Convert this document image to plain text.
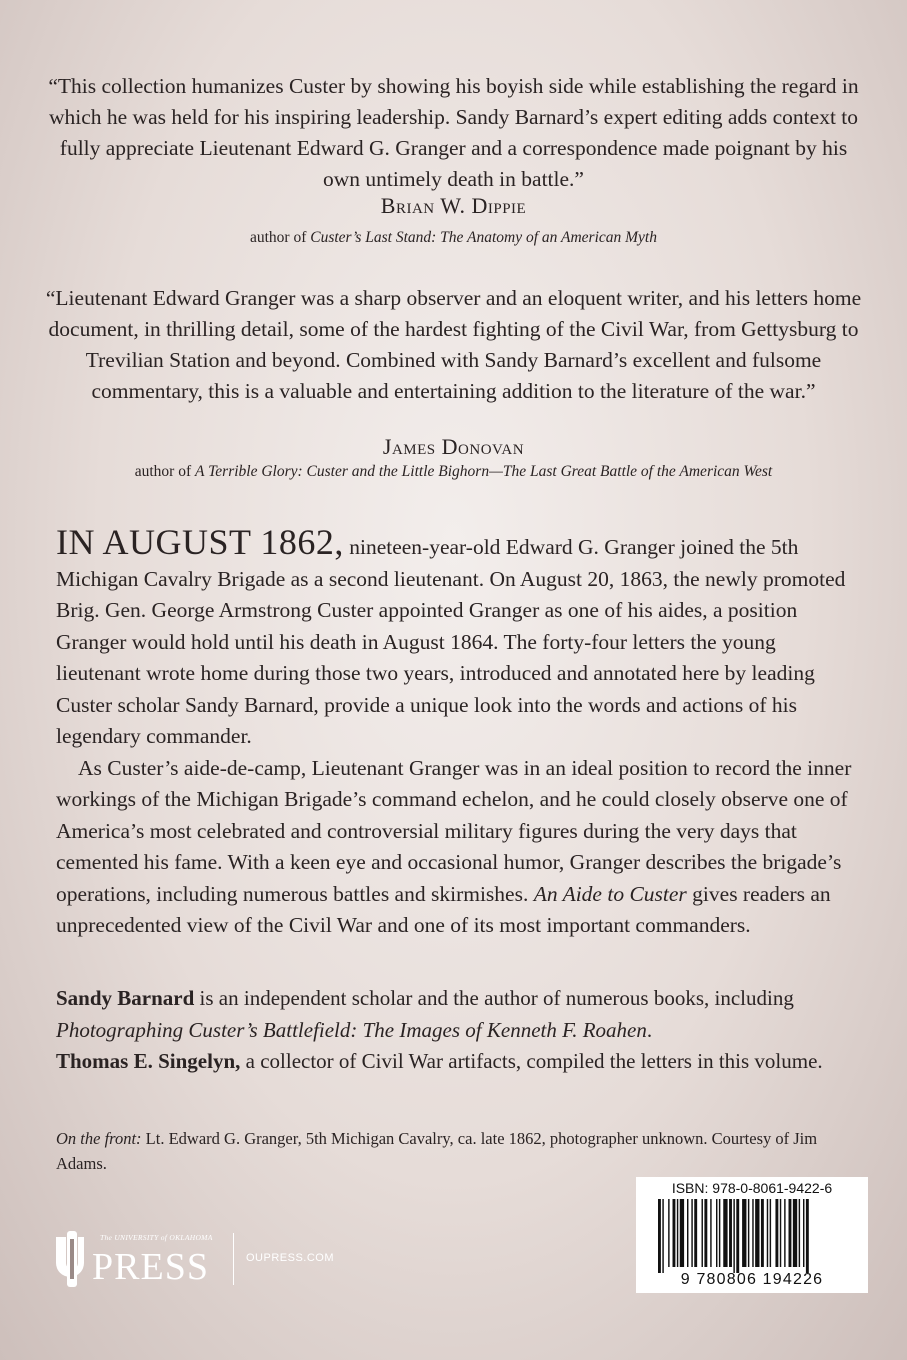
“This collection humanizes Custer by showing his boyish side while establishing the regard in which he was held for his inspiring leadership. Sandy Barnard’s expert editing adds context to fully appreciate Lieutenant Edward G. Granger and a correspondence made poignant by his own untimely death in battle.”
Brian W. Dippie
author of Custer’s Last Stand: The Anatomy of an American Myth
“Lieutenant Edward Granger was a sharp observer and an eloquent writer, and his letters home document, in thrilling detail, some of the hardest fighting of the Civil War, from Gettysburg to Trevilian Station and beyond. Combined with Sandy Barnard’s excellent and fulsome commentary, this is a valuable and entertaining addition to the literature of the war.”
James Donovan
author of A Terrible Glory: Custer and the Little Bighorn—The Last Great Battle of the American West

IN AUGUST 1862, nineteen-year-old Edward G. Granger joined the 5th Michigan Cavalry Brigade as a second lieutenant. On August 20, 1863, the newly promoted Brig. Gen. George Armstrong Custer appointed Granger as one of his aides, a position Granger would hold until his death in August 1864. The forty-four letters the young lieutenant wrote home during those two years, introduced and annotated here by leading Custer scholar Sandy Barnard, provide a unique look into the words and actions of his legendary commander.

As Custer’s aide-de-camp, Lieutenant Granger was in an ideal position to record the inner workings of the Michigan Brigade’s command echelon, and he could closely observe one of America’s most celebrated and controversial military figures during the very days that cemented his fame. With a keen eye and occasional humor, Granger describes the brigade’s operations, including numerous battles and skirmishes. An Aide to Custer gives readers an unprecedented view of the Civil War and one of its most important commanders.

Sandy Barnard is an independent scholar and the author of numerous books, including Photographing Custer’s Battlefield: The Images of Kenneth F. Roahen.
Thomas E. Singelyn, a collector of Civil War artifacts, compiled the letters in this volume.
On the front: Lt. Edward G. Granger, 5th Michigan Cavalry, ca. late 1862, photographer unknown. Courtesy of Jim Adams.
The UNIVERSITY of OKLAHOMA
PRESS	OUPRESS.COM
ISBN: 978-0-8061-9422-6
9 780806 194226
